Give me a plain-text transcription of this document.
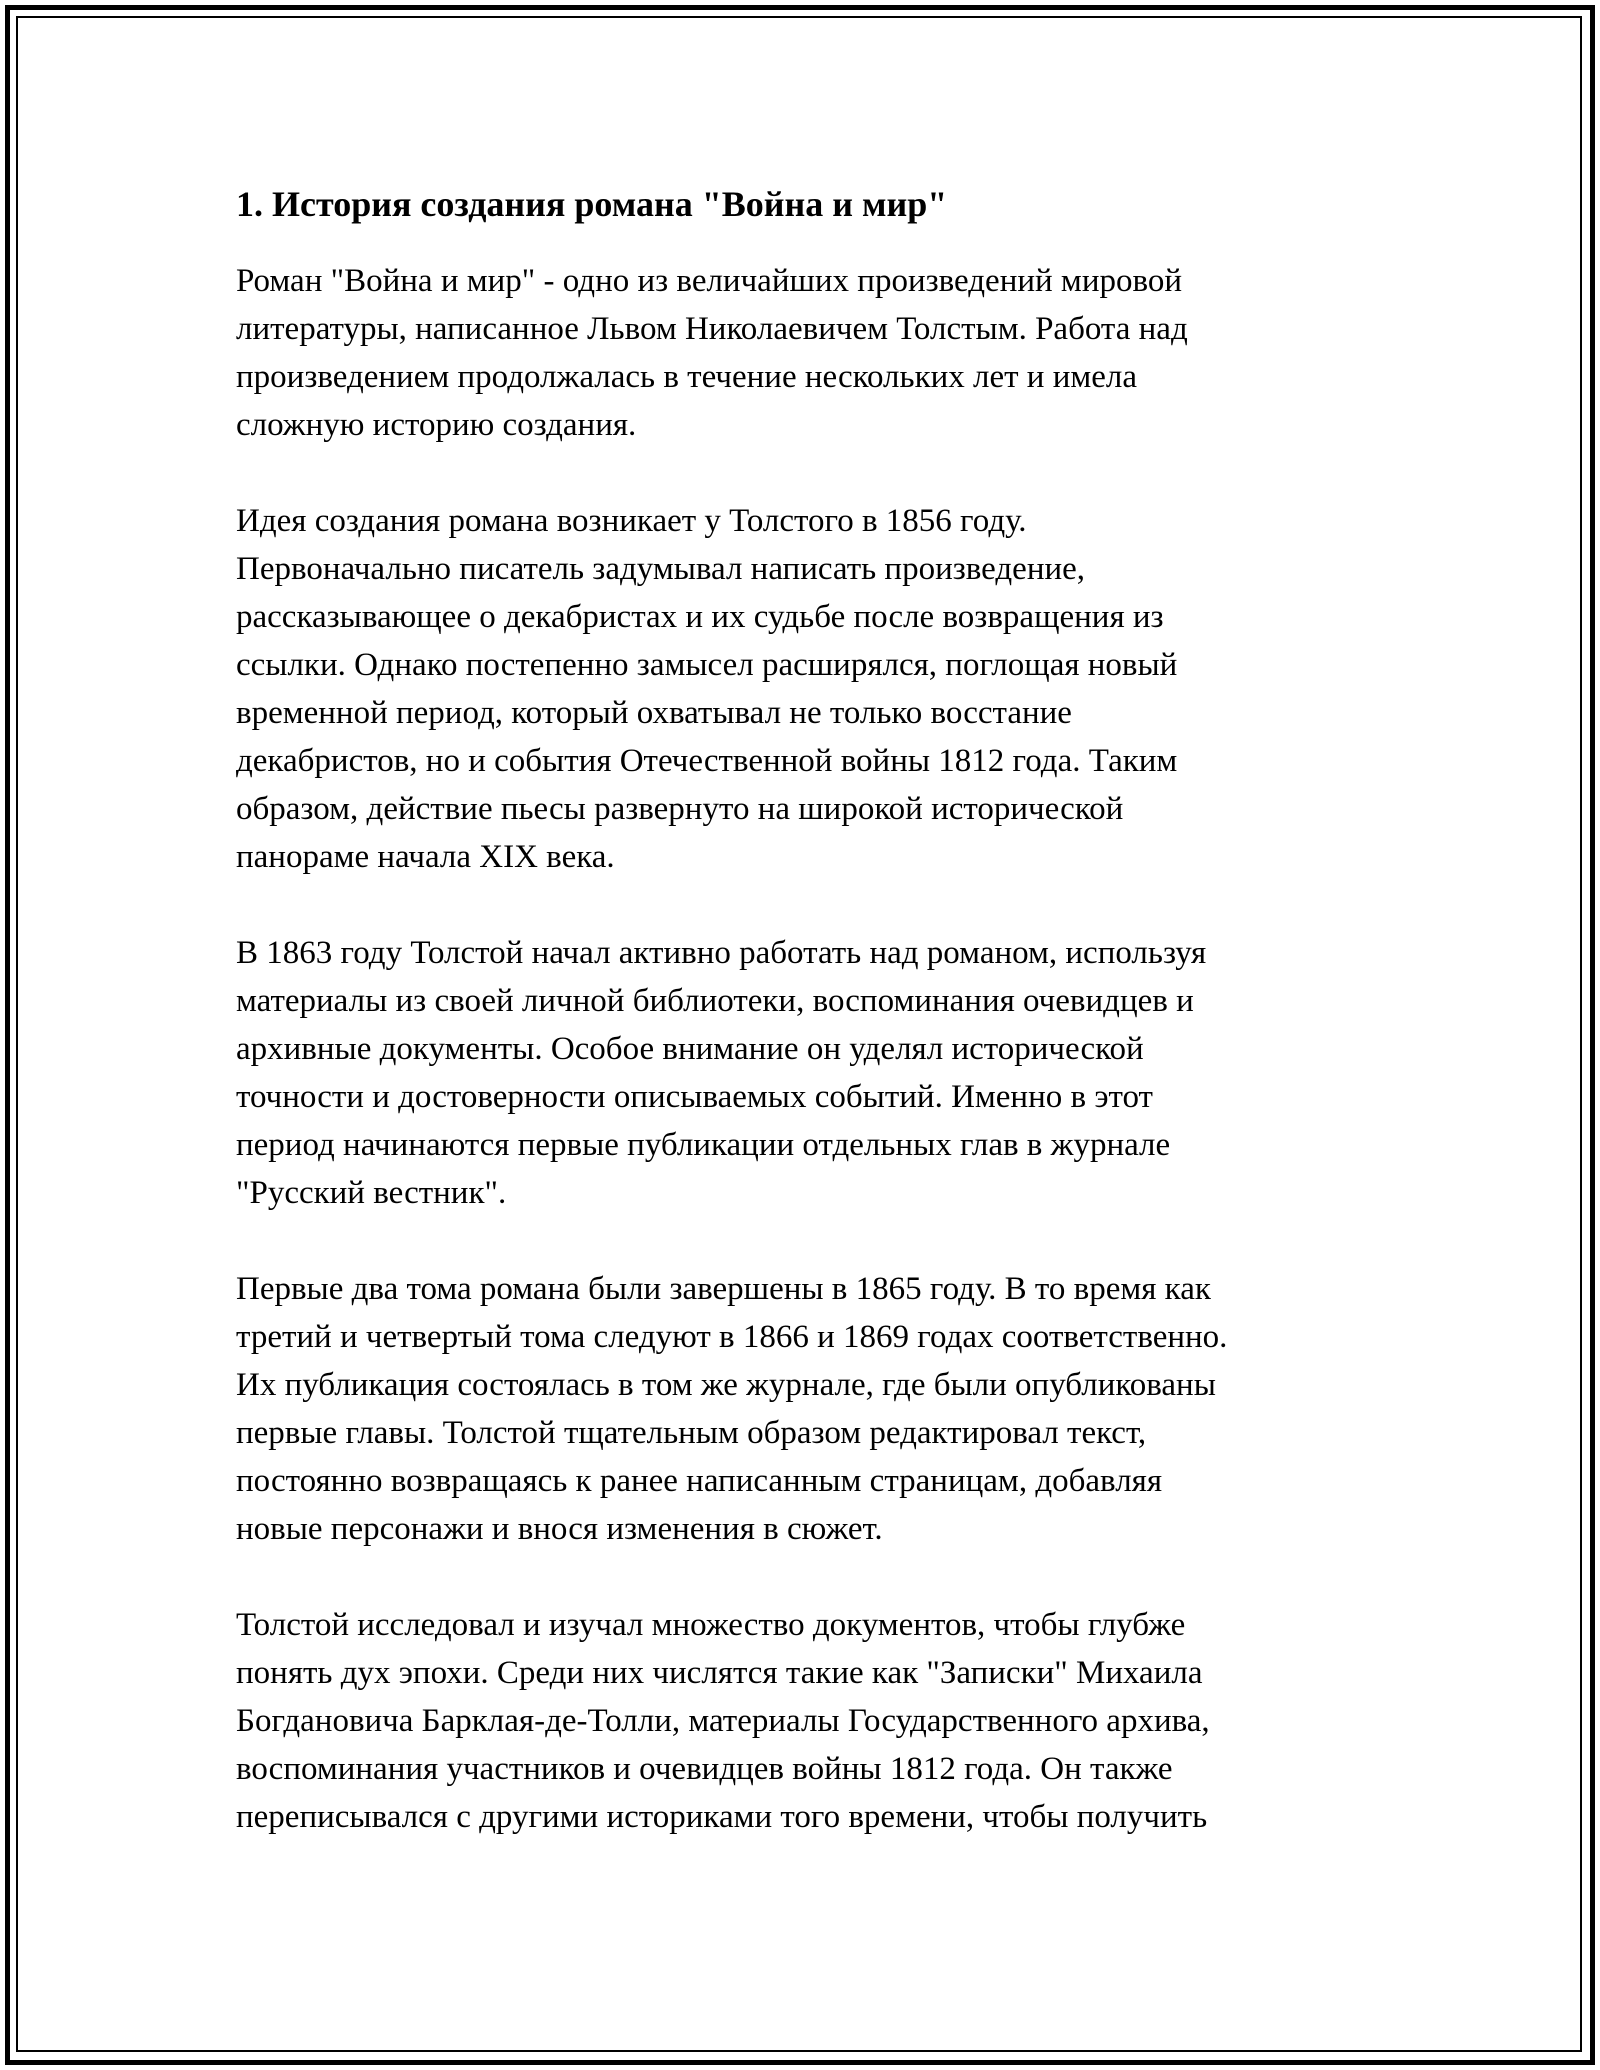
1. История создания романа "Война и мир"

Роман "Война и мир" - одно из величайших произведений мировой
литературы, написанное Львом Николаевичем Толстым. Работа над
произведением продолжалась в течение нескольких лет и имела
сложную историю создания.

Идея создания романа возникает у Толстого в 1856 году.
Первоначально писатель задумывал написать произведение,
рассказывающее о декабристах и их судьбе после возвращения из
ссылки. Однако постепенно замысел расширялся, поглощая новый
временной период, который охватывал не только восстание
декабристов, но и события Отечественной войны 1812 года. Таким
образом, действие пьесы развернуто на широкой исторической
панораме начала XIX века.

В 1863 году Толстой начал активно работать над романом, используя
материалы из своей личной библиотеки, воспоминания очевидцев и
архивные документы. Особое внимание он уделял исторической
точности и достоверности описываемых событий. Именно в этот
период начинаются первые публикации отдельных глав в журнале
"Русский вестник".

Первые два тома романа были завершены в 1865 году. В то время как
третий и четвертый тома следуют в 1866 и 1869 годах соответственно.
Их публикация состоялась в том же журнале, где были опубликованы
первые главы. Толстой тщательным образом редактировал текст,
постоянно возвращаясь к ранее написанным страницам, добавляя
новые персонажи и внося изменения в сюжет.

Толстой исследовал и изучал множество документов, чтобы глубже
понять дух эпохи. Среди них числятся такие как "Записки" Михаила
Богдановича Барклая-де-Толли, материалы Государственного архива,
воспоминания участников и очевидцев войны 1812 года. Он также
переписывался с другими историками того времени, чтобы получить
